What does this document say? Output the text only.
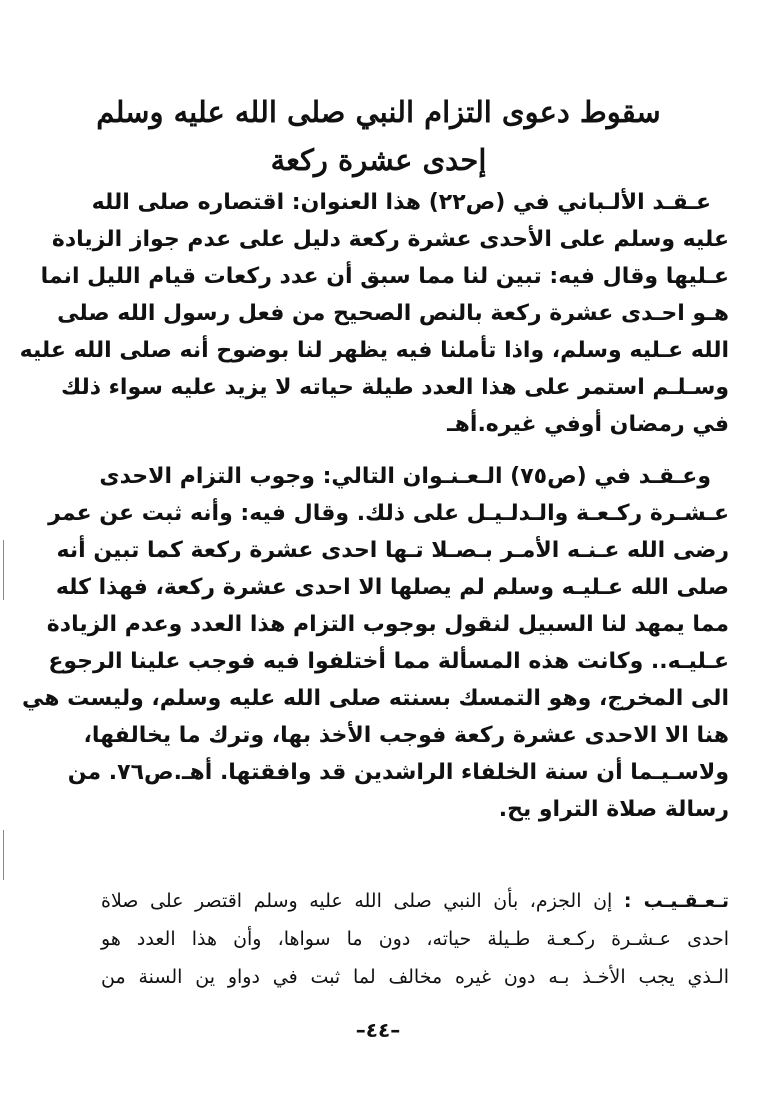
سقوط دعوى التزام النبي صلى الله عليه وسلم
إحدى عشرة ركعة
عـقـد الألـباني في (ص٢٢) هذا العنوان: اقتصاره صلى الله
عليه وسلم على الأحدى عشرة ركعة دليل على عدم جواز الزيادة
عـليها وقال فيه: تبين لنا مما سبق أن عدد ركعات قيام الليل انما
هـو احـدى عشرة ركعة بالنص الصحيح من فعل رسول الله صلى
الله عـليه وسلم، واذا تأملنا فيه يظهر لنا بوضوح أنه صلى الله عليه
وسـلـم استمر على هذا العدد طيلة حياته لا يزيد عليه سواء ذلك
في رمضان أوفي غيره.أهـ
وعـقـد في (ص٧٥) الـعـنـوان التالي: وجوب التزام الاحدى
عـشـرة ركـعـة والـدلـيـل على ذلك. وقال فيه: وأنه ثبت عن عمر
رضى الله عـنـه الأمـر بـصـلا تـها احدى عشرة ركعة كما تبين أنه
صلى الله عـليـه وسلم لم يصلها الا احدى عشرة ركعة، فهذا كله
مما يمهد لنا السبيل لنقول بوجوب التزام هذا العدد وعدم الزيادة
عـليـه.. وكانت هذه المسألة مما أختلفوا فيه فوجب علينا الرجوع
الى المخرج، وهو التمسك بسنته صلى الله عليه وسلم، وليست هي
هنا الا الاحدى عشرة ركعة فوجب الأخذ بها، وترك ما يخالفها،
ولاسـيـما أن سنة الخلفاء الراشدين قد وافقتها. أهـ.ص٧٦. من
رسالة صلاة التراو يح.
تـعـقـيـب : إن الجزم، بأن النبي صلى الله عليه وسلم اقتصر على صلاة
احدى عـشـرة ركـعـة طـيلة حياته، دون ما سواها، وأن هذا العدد هو
الـذي يجب الأخـذ بـه دون غيره مخالف لما ثبت في دواو ين السنة من
–٤٤–
